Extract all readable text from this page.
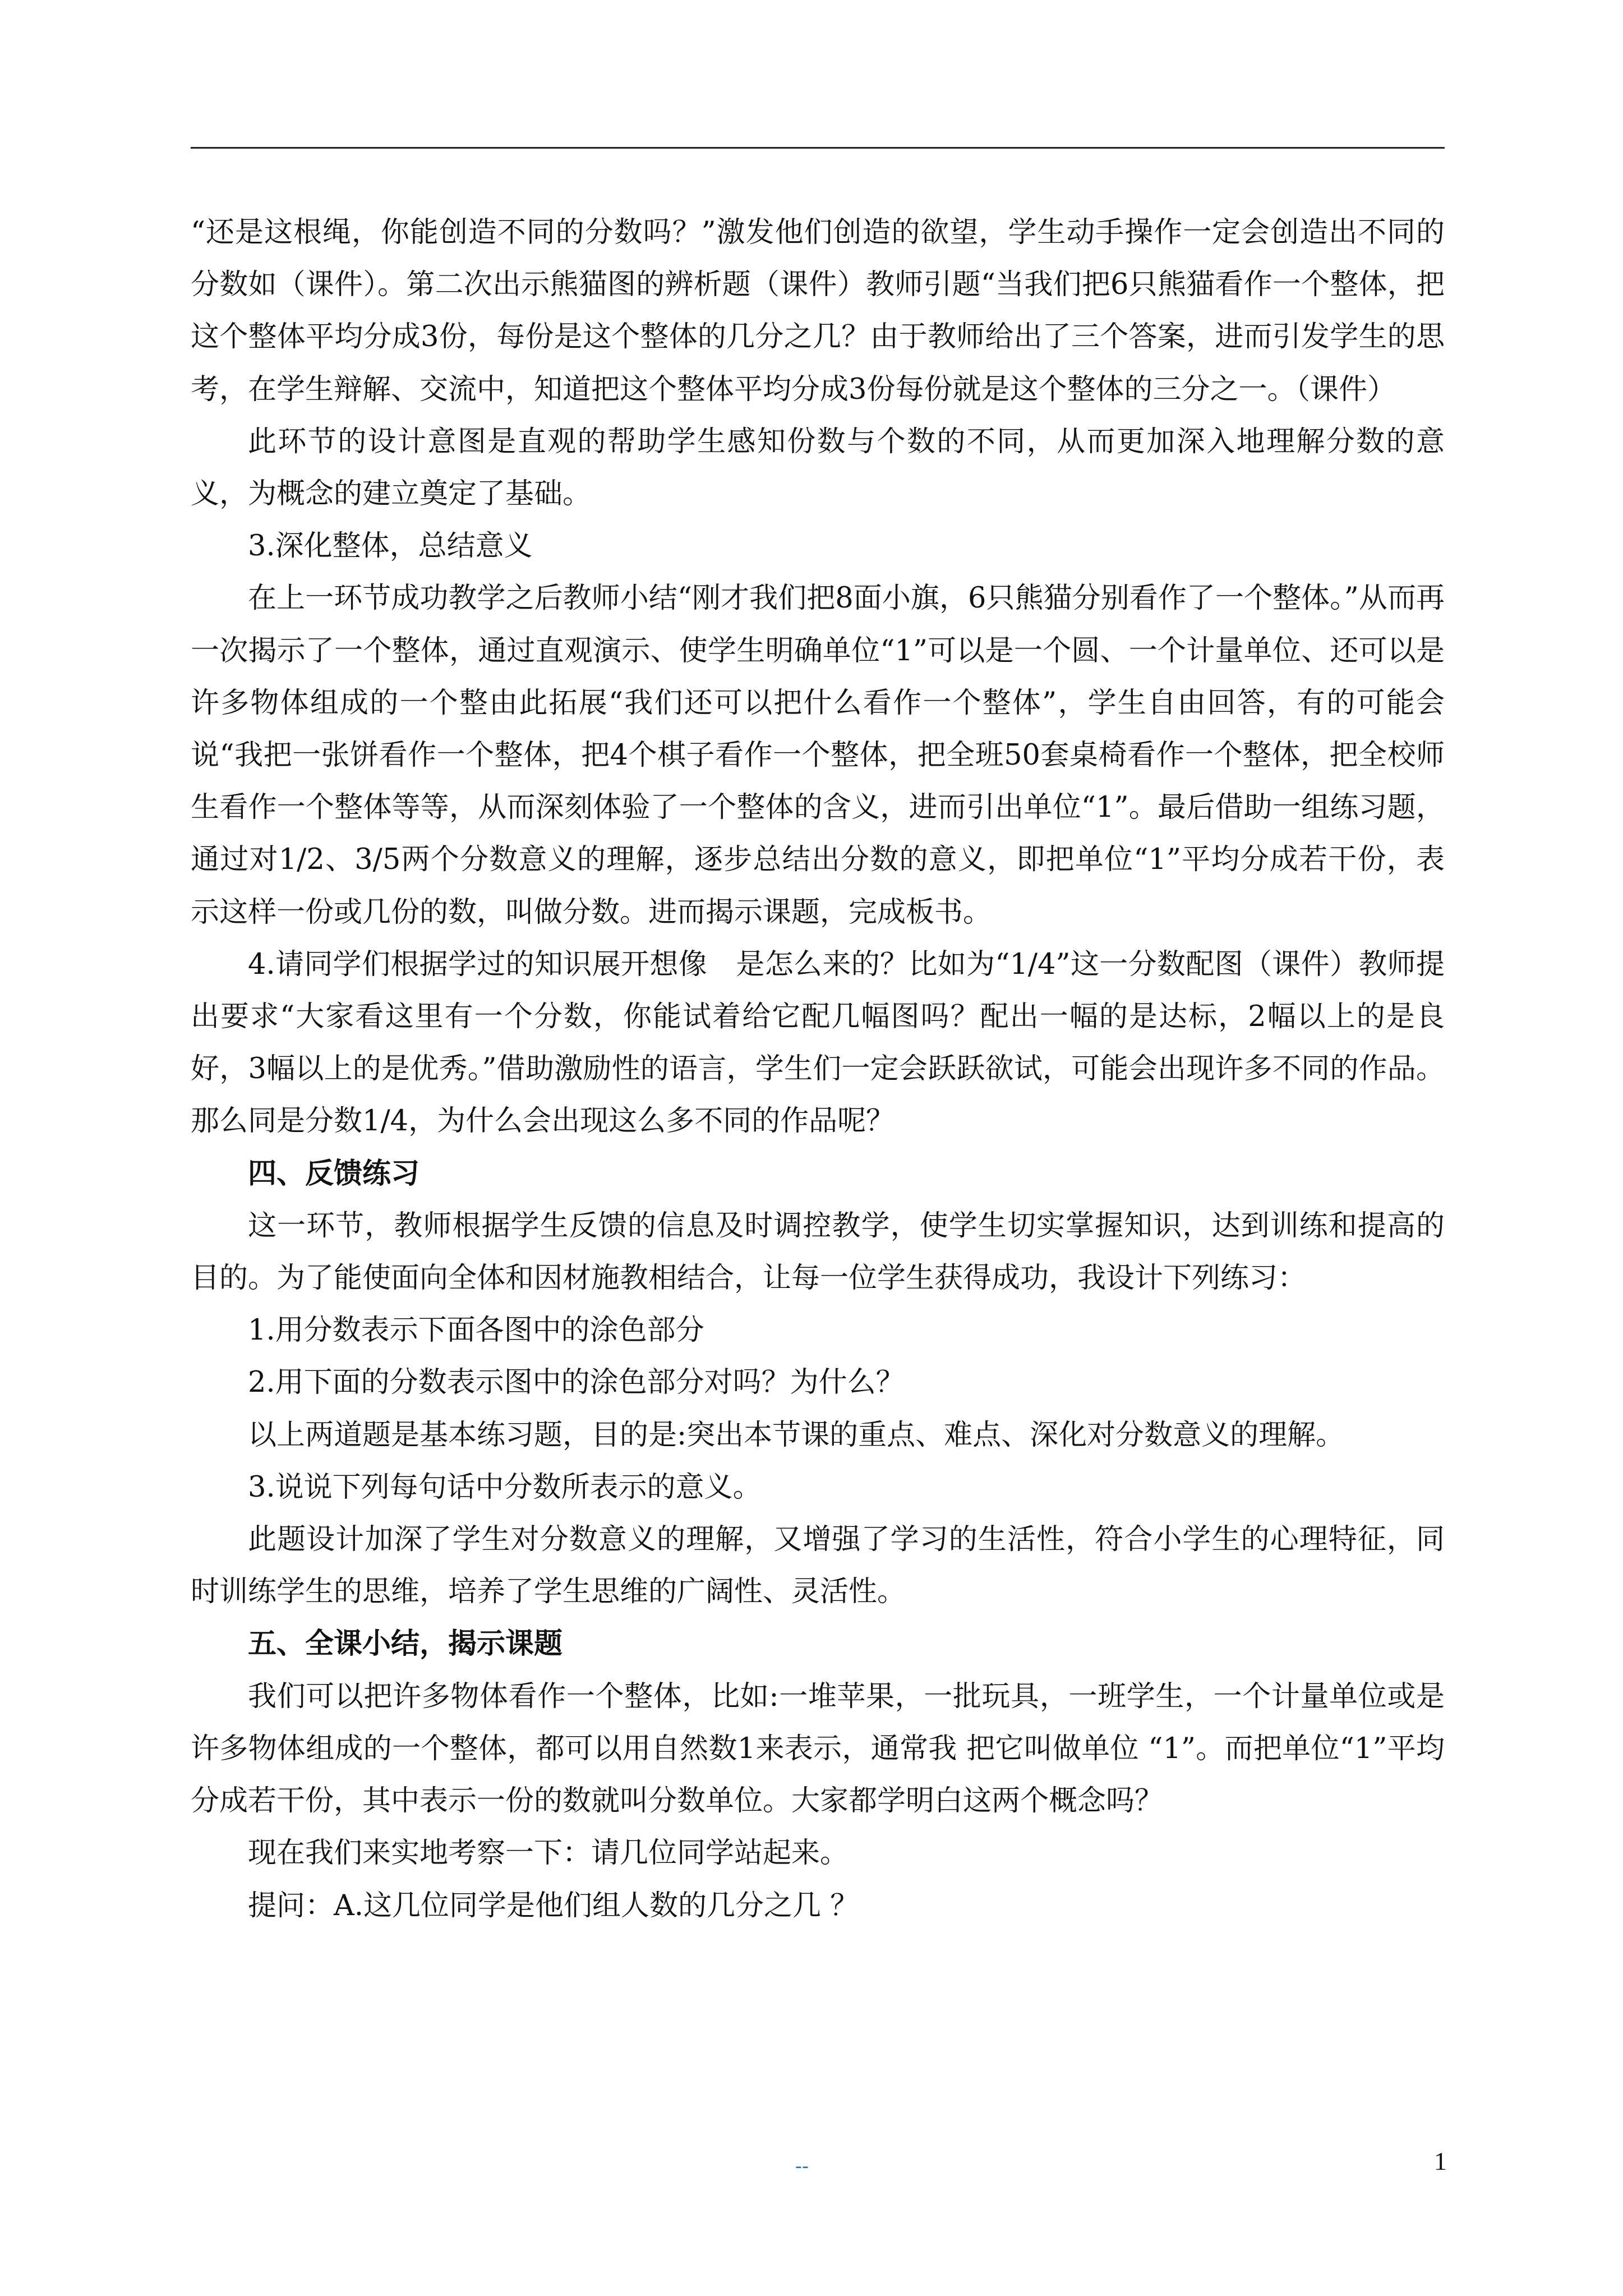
“还是这根绳，你能创造不同的分数吗？”激发他们创造的欲望，学生动手操作一定会创造出不同的分数如（课件）。第二次出示熊猫图的辨析题（课件）教师引题“当我们把6只熊猫看作一个整体，把这个整体平均分成3份，每份是这个整体的几分之几？由于教师给出了三个答案，进而引发学生的思考，在学生辩解、交流中，知道把这个整体平均分成3份每份就是这个整体的三分之一。（课件）

此环节的设计意图是直观的帮助学生感知份数与个数的不同，从而更加深入地理解分数的意义，为概念的建立奠定了基础。

3.深化整体，总结意义

在上一环节成功教学之后教师小结“刚才我们把8面小旗，6只熊猫分别看作了一个整体。”从而再一次揭示了一个整体，通过直观演示、使学生明确单位“1”可以是一个圆、一个计量单位、还可以是许多物体组成的一个整由此拓展“我们还可以把什么看作一个整体”，学生自由回答，有的可能会说“我把一张饼看作一个整体，把4个棋子看作一个整体，把全班50套桌椅看作一个整体，把全校师生看作一个整体等等，从而深刻体验了一个整体的含义，进而引出单位“1”。最后借助一组练习题，通过对1/2、3/5两个分数意义的理解，逐步总结出分数的意义，即把单位“1”平均分成若干份，表示这样一份或几份的数，叫做分数。进而揭示课题，完成板书。

4.请同学们根据学过的知识展开想像　是怎么来的？比如为“1/4”这一分数配图（课件）教师提出要求“大家看这里有一个分数，你能试着给它配几幅图吗？配出一幅的是达标，2幅以上的是良好，3幅以上的是优秀。”借助激励性的语言，学生们一定会跃跃欲试，可能会出现许多不同的作品。那么同是分数1/4，为什么会出现这么多不同的作品呢？

四、反馈练习

这一环节，教师根据学生反馈的信息及时调控教学，使学生切实掌握知识，达到训练和提高的目的。为了能使面向全体和因材施教相结合，让每一位学生获得成功，我设计下列练习：

1.用分数表示下面各图中的涂色部分

2.用下面的分数表示图中的涂色部分对吗？为什么？

以上两道题是基本练习题，目的是:突出本节课的重点、难点、深化对分数意义的理解。

3.说说下列每句话中分数所表示的意义。

此题设计加深了学生对分数意义的理解，又增强了学习的生活性，符合小学生的心理特征，同时训练学生的思维，培养了学生思维的广阔性、灵活性。

五、全课小结，揭示课题

我们可以把许多物体看作一个整体，比如:一堆苹果，一批玩具，一班学生，一个计量单位或是许多物体组成的一个整体，都可以用自然数1来表示，通常我 把它叫做单位 “1”。而把单位“1”平均分成若干份，其中表示一份的数就叫分数单位。大家都学明白这两个概念吗？

现在我们来实地考察一下：请几位同学站起来。

提问：A.这几位同学是他们组人数的几分之几 ？

--	1
